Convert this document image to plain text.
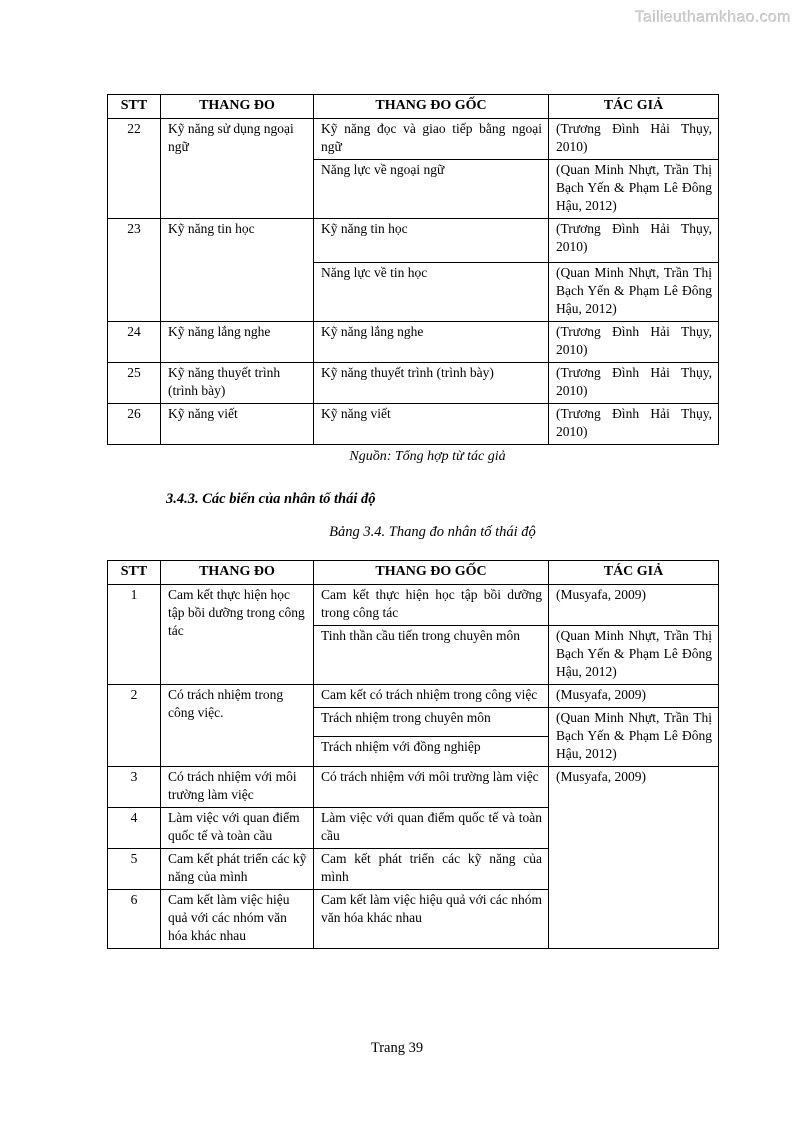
Tailieuthamkhao.com
STT	THANG ĐO	THANG ĐO GỐC	TÁC GIẢ
22	Kỹ năng sử dụng ngoại ngữ	Kỹ năng đọc và giao tiếp bằng ngoại ngữ	(Trương Đình Hải Thụy, 2010)
		Năng lực về ngoại ngữ	(Quan Minh Nhựt, Trần Thị Bạch Yến & Phạm Lê Đông Hậu, 2012)
23	Kỹ năng tin học	Kỹ năng tin học	(Trương Đình Hải Thụy, 2010)
		Năng lực về tin học	(Quan Minh Nhựt, Trần Thị Bạch Yến & Phạm Lê Đông Hậu, 2012)
24	Kỹ năng lắng nghe	Kỹ năng lắng nghe	(Trương Đình Hải Thụy, 2010)
25	Kỹ năng thuyết trình (trình bày)	Kỹ năng thuyết trình (trình bày)	(Trương Đình Hải Thụy, 2010)
26	Kỹ năng viết	Kỹ năng viết	(Trương Đình Hải Thụy, 2010)
Nguồn: Tổng hợp từ tác giả
3.4.3. Các biến của nhân tố thái độ
Bảng 3.4. Thang đo nhân tố thái độ
STT	THANG ĐO	THANG ĐO GỐC	TÁC GIẢ
1	Cam kết thực hiện học tập bồi dưỡng trong công tác	Cam kết thực hiện học tập bồi dưỡng trong công tác	(Musyafa, 2009)
		Tinh thần cầu tiến trong chuyên môn	(Quan Minh Nhựt, Trần Thị Bạch Yến & Phạm Lê Đông Hậu, 2012)
2	Có trách nhiệm trong công việc.	Cam kết có trách nhiệm trong công việc	(Musyafa, 2009)
		Trách nhiệm trong chuyên môn	(Quan Minh Nhựt, Trần Thị Bạch Yến & Phạm Lê Đông Hậu, 2012)
		Trách nhiệm với đồng nghiệp	
3	Có trách nhiệm với môi trường làm việc	Có trách nhiệm với môi trường làm việc	(Musyafa, 2009)
4	Làm việc với quan điểm quốc tế và toàn cầu	Làm việc với quan điểm quốc tế và toàn cầu	
5	Cam kết phát triển các kỹ năng của mình	Cam kết phát triển các kỹ năng của mình	
6	Cam kết làm việc hiệu quả với các nhóm văn hóa khác nhau	Cam kết làm việc hiệu quả với các nhóm văn hóa khác nhau	
Trang 39
